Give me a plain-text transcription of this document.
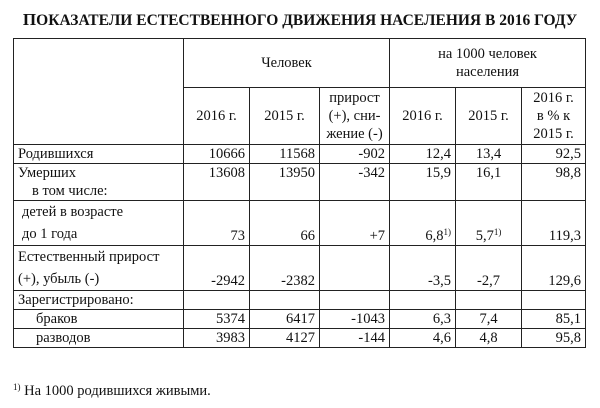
ПОКАЗАТЕЛИ ЕСТЕСТВЕННОГО ДВИЖЕНИЯ НАСЕЛЕНИЯ В 2016 ГОДУ
	Человек			на 1000 человек
населения		
	2016 г.	2015 г.	прирост
(+), сни-
жение (-)	2016 г.	2015 г.	2016 г.
в % к
2015 г.
Родившихся	10666	11568	-902	12,4	13,4	92,5
Умерших	13608	13950	-342	15,9	16,1	98,8
в том числе:						
детей в возрасте
до 1 года	73	66	+7	6,8$^{1)}$	5,7$^{1)}$	119,3
Естественный прирост
(+), убыль (-)	-2942	-2382		-3,5	-2,7	129,6
Зарегистрировано:						
браков	5374	6417	-1043	6,3	7,4	85,1
разводов	3983	4127	-144	4,6	4,8	95,8
$^{1)}$ На 1000 родившихся живыми.
